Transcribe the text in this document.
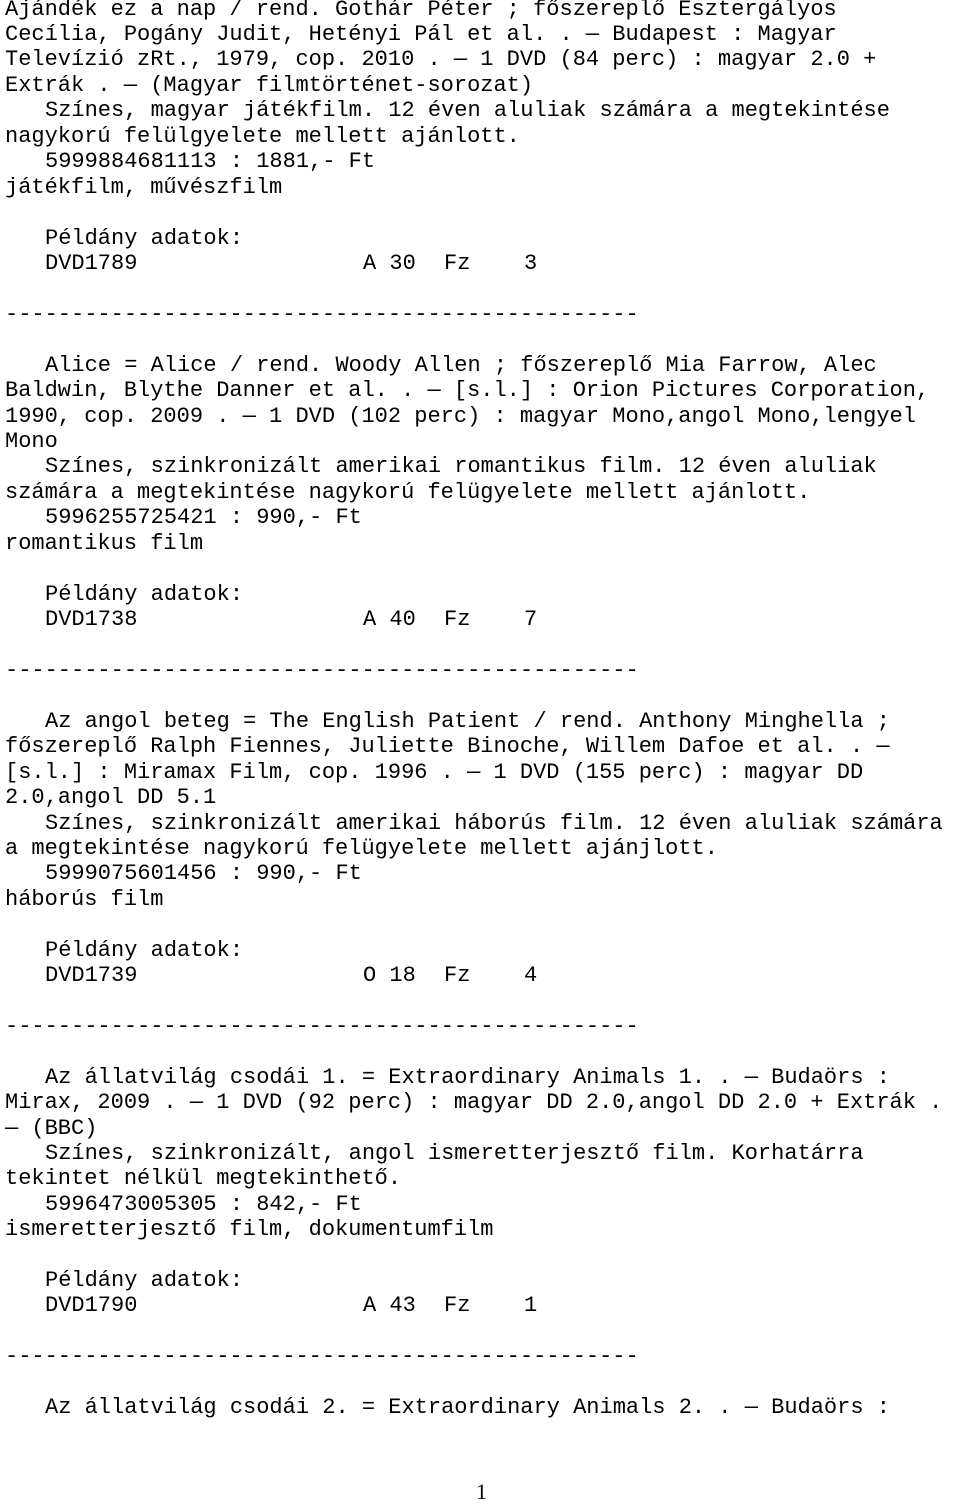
Ajándék ez a nap / rend. Gothár Péter ; főszereplő Esztergályos
Cecília, Pogány Judit, Hetényi Pál et al. . — Budapest : Magyar
Televízió zRt., 1979, cop. 2010 . — 1 DVD (84 perc) : magyar 2.0 +
Extrák . — (Magyar filmtörténet-sorozat)
Színes, magyar játékfilm. 12 éven aluliak számára a megtekintése
nagykorú felülgyelete mellett ajánlott.
5999884681113 : 1881,- Ft
játékfilm, művészfilm
Példány adatok:
DVD1789	A 30 Fz 3
------------------------------------------------
Alice = Alice / rend. Woody Allen ; főszereplő Mia Farrow, Alec
Baldwin, Blythe Danner et al. . — [s.l.] : Orion Pictures Corporation,
1990, cop. 2009 . — 1 DVD (102 perc) : magyar Mono,angol Mono,lengyel
Mono
Színes, szinkronizált amerikai romantikus film. 12 éven aluliak
számára a megtekintése nagykorú felügyelete mellett ajánlott.
5996255725421 : 990,- Ft
romantikus film
Példány adatok:
DVD1738	A 40 Fz 7
------------------------------------------------
Az angol beteg = The English Patient / rend. Anthony Minghella ;
főszereplő Ralph Fiennes, Juliette Binoche, Willem Dafoe et al. . —
[s.l.] : Miramax Film, cop. 1996 . — 1 DVD (155 perc) : magyar DD
2.0,angol DD 5.1
Színes, szinkronizált amerikai háborús film. 12 éven aluliak számára
a megtekintése nagykorú felügyelete mellett ajánjlott.
5999075601456 : 990,- Ft
háborús film
Példány adatok:
DVD1739	O 18 Fz 4
------------------------------------------------
Az állatvilág csodái 1. = Extraordinary Animals 1. . — Budaörs :
Mirax, 2009 . — 1 DVD (92 perc) : magyar DD 2.0,angol DD 2.0 + Extrák .
— (BBC)
Színes, szinkronizált, angol ismeretterjesztő film. Korhatárra
tekintet nélkül megtekinthető.
5996473005305 : 842,- Ft
ismeretterjesztő film, dokumentumfilm
Példány adatok:
DVD1790	A 43 Fz 1
------------------------------------------------
Az állatvilág csodái 2. = Extraordinary Animals 2. . — Budaörs :
1
